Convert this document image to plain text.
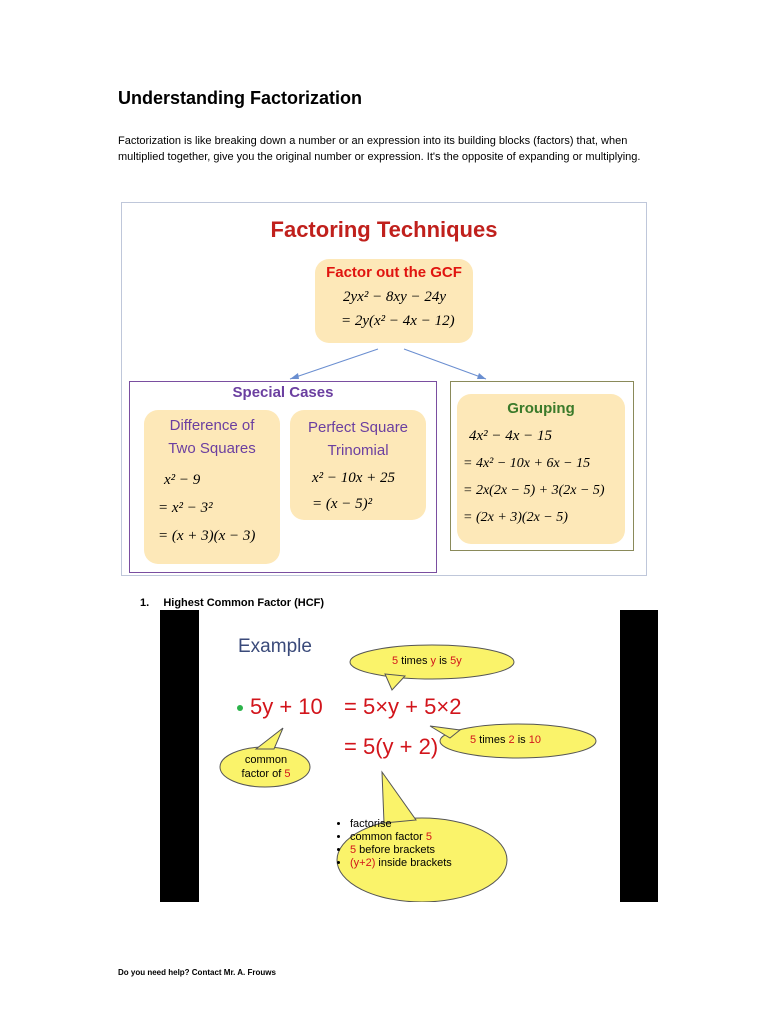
Understanding Factorization
Factorization is like breaking down a number or an expression into its building blocks (factors) that, when multiplied together, give you the original number or expression. It's the opposite of expanding or multiplying.
Factoring Techniques
Factor out the GCF
2yx² − 8xy − 24y
= 2y(x² − 4x − 12)
Special Cases
Difference of
Two Squares
x² − 9
= x² − 3²
= (x + 3)(x − 3)
Perfect Square
Trinomial
x² − 10x + 25
= (x − 5)²
Grouping
4x² − 4x − 15
= 4x² − 10x + 6x − 15
= 2x(2x − 5) + 3(2x − 5)
= (2x + 3)(2x − 5)
1. Highest Common Factor (HCF)
Example
5y + 10 = 5×y + 5×2
= 5(y + 2)
5 times y is 5y
5 times 2 is 10
common
factor of 5
• factorise
• common factor 5
• 5 before brackets
• (y+2) inside brackets
Do you need help? Contact Mr. A. Frouws
